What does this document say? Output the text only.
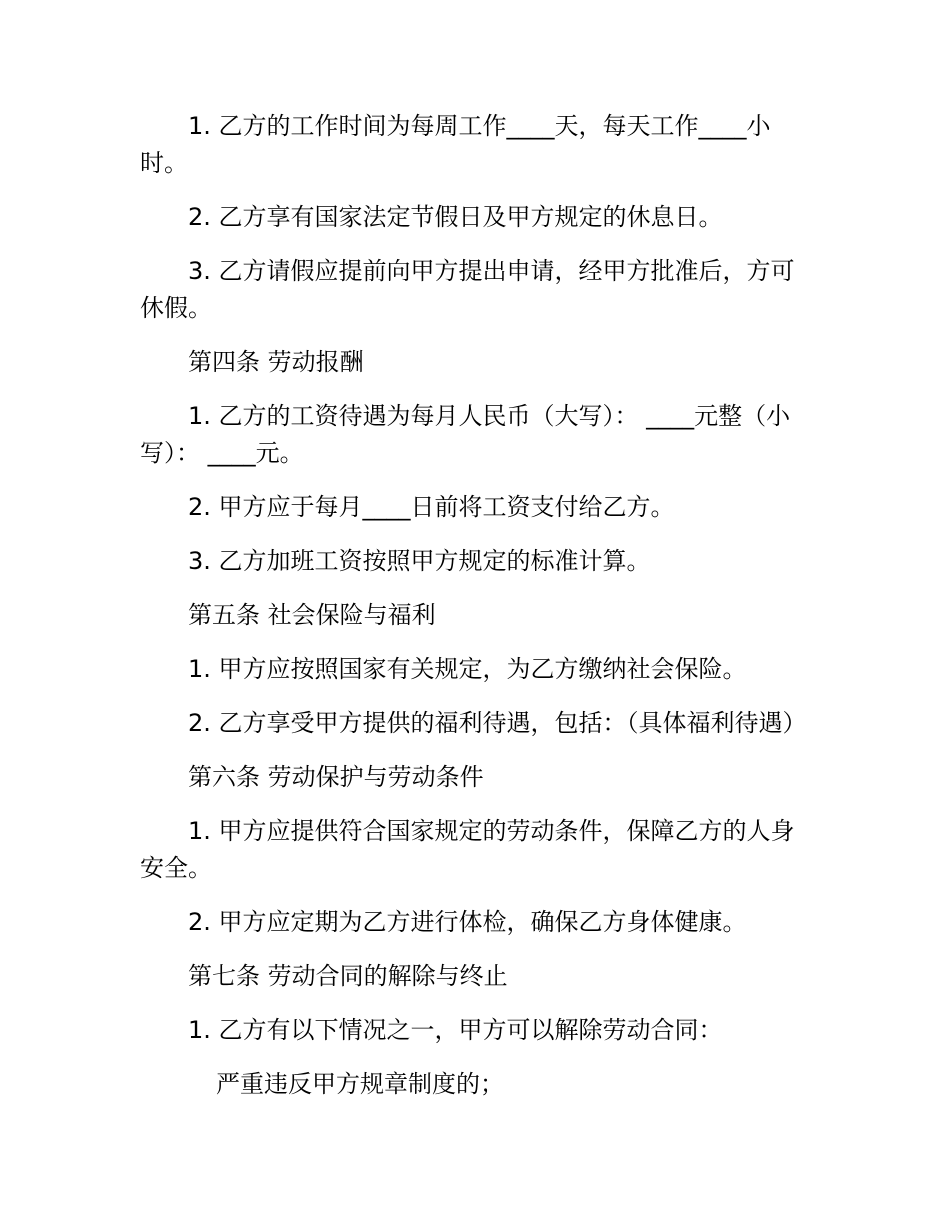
1. 乙方的工作时间为每周工作____天，每天工作____小时。

2. 乙方享有国家法定节假日及甲方规定的休息日。

3. 乙方请假应提前向甲方提出申请，经甲方批准后，方可休假。

第四条 劳动报酬

1. 乙方的工资待遇为每月人民币（大写）： ____元整（小写）： ____元。

2. 甲方应于每月____日前将工资支付给乙方。

3. 乙方加班工资按照甲方规定的标准计算。

第五条 社会保险与福利

1. 甲方应按照国家有关规定，为乙方缴纳社会保险。

2. 乙方享受甲方提供的福利待遇，包括：（具体福利待遇）

第六条 劳动保护与劳动条件

1. 甲方应提供符合国家规定的劳动条件，保障乙方的人身安全。

2. 甲方应定期为乙方进行体检，确保乙方身体健康。

第七条 劳动合同的解除与终止

1. 乙方有以下情况之一，甲方可以解除劳动合同：

严重违反甲方规章制度的；
